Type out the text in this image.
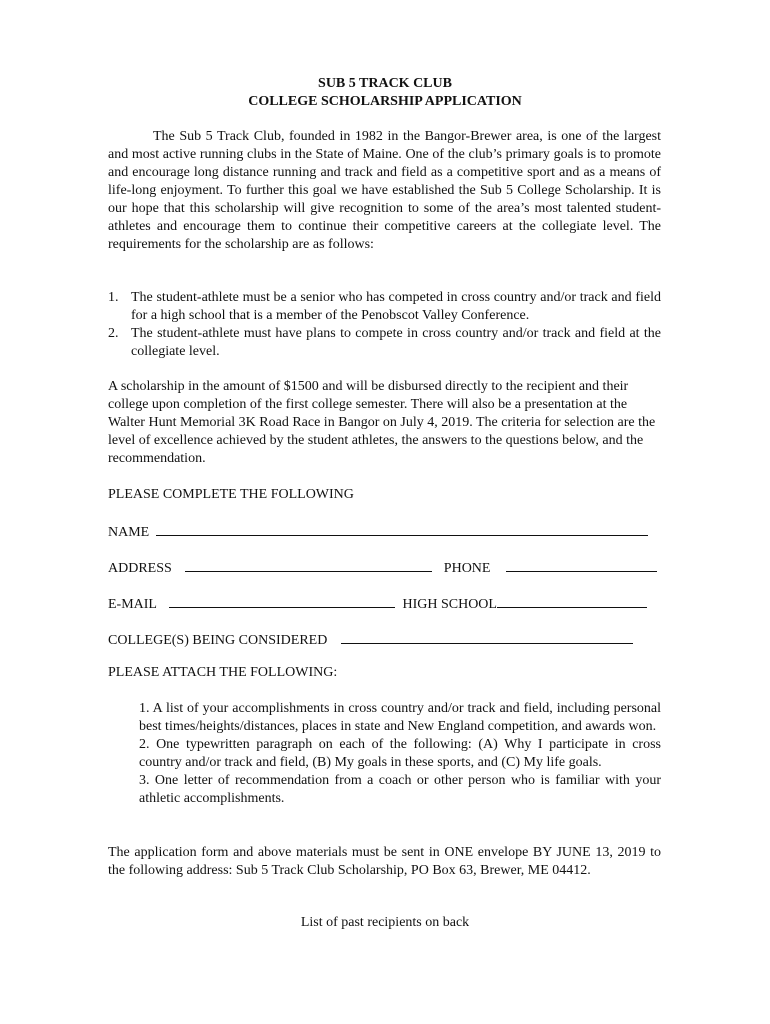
SUB 5 TRACK CLUB
COLLEGE SCHOLARSHIP APPLICATION
The Sub 5 Track Club, founded in 1982 in the Bangor-Brewer area, is one of the largest and most active running clubs in the State of Maine. One of the club’s primary goals is to promote and encourage long distance running and track and field as a competitive sport and as a means of life-long enjoyment. To further this goal we have established the Sub 5 College Scholarship. It is our hope that this scholarship will give recognition to some of the area’s most talented student-athletes and encourage them to continue their competitive careers at the collegiate level. The requirements for the scholarship are as follows:
1. The student-athlete must be a senior who has competed in cross country and/or track and field for a high school that is a member of the Penobscot Valley Conference.
2. The student-athlete must have plans to compete in cross country and/or track and field at the collegiate level.
A scholarship in the amount of $1500 and will be disbursed directly to the recipient and their college upon completion of the first college semester. There will also be a presentation at the Walter Hunt Memorial 3K Road Race in Bangor on July 4, 2019. The criteria for selection are the level of excellence achieved by the student athletes, the answers to the questions below, and the recommendation.
PLEASE COMPLETE THE FOLLOWING
NAME
ADDRESS	PHONE
E-MAIL	HIGH SCHOOL
COLLEGE(S) BEING CONSIDERED
PLEASE ATTACH THE FOLLOWING:
1. A list of your accomplishments in cross country and/or track and field, including personal best times/heights/distances, places in state and New England competition, and awards won.
2. One typewritten paragraph on each of the following: (A) Why I participate in cross country and/or track and field, (B) My goals in these sports, and (C) My life goals.
3. One letter of recommendation from a coach or other person who is familiar with your athletic accomplishments.
The application form and above materials must be sent in ONE envelope BY JUNE 13, 2019 to the following address: Sub 5 Track Club Scholarship, PO Box 63, Brewer, ME 04412.
List of past recipients on back
